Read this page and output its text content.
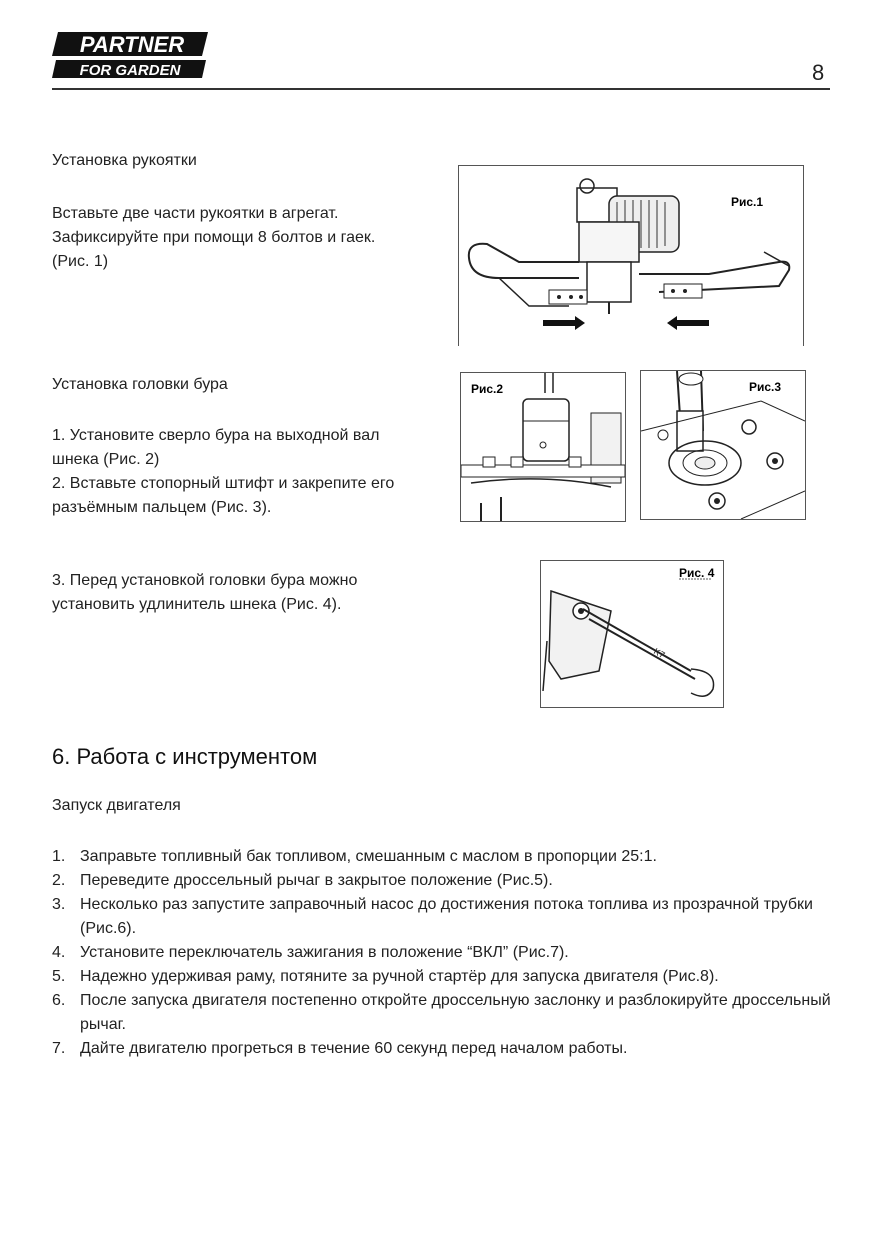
PARTNER
FOR GARDEN	8
Установка рукоятки
Вставьте две части рукоятки в агрегат.
Зафиксируйте при помощи 8 болтов и гаек.
(Рис. 1)
Рис.1
Установка головки бура
1. Установите сверло бура на выходной вал
шнека (Рис. 2)
2. Вставьте стопорный штифт и закрепите его
разъёмным пальцем (Рис. 3).
Рис.2	Рис.3
3. Перед установкой головки бура можно
установить удлинитель шнека (Рис. 4).
Рис. 4
K7
6. Работа с инструментом
Запуск двигателя
1. Заправьте топливный бак топливом, смешанным с маслом в пропорции 25:1.
2. Переведите дроссельный рычаг в закрытое положение (Рис.5).
3. Несколько раз запустите заправочный насос до достижения потока топлива из прозрачной трубки (Рис.6).
4. Установите переключатель зажигания в положение “ВКЛ” (Рис.7).
5. Надежно удерживая раму, потяните за ручной стартёр для запуска двигателя (Рис.8).
6. После запуска двигателя постепенно откройте дроссельную заслонку и разблокируйте дроссельный рычаг.
7. Дайте двигателю прогреться в течение 60 секунд перед началом работы.
